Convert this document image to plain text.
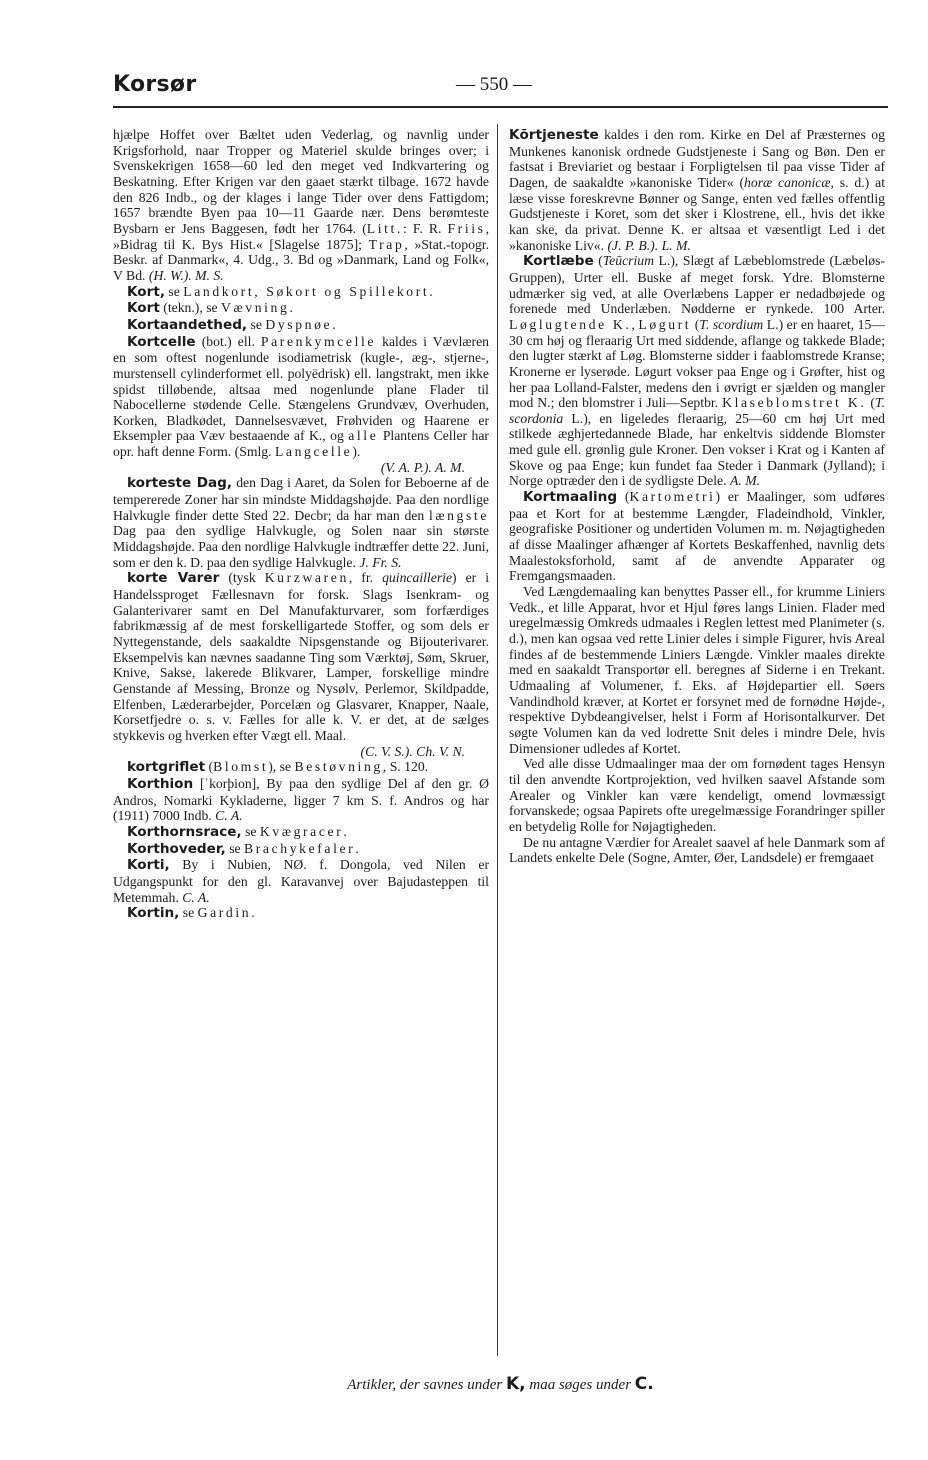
Korsør	— 550 —

hjælpe Hoffet over Bæltet uden Vederlag, og navnlig under Krigsforhold, naar Tropper og Materiel skulde bringes over; i Svenskekrigen 1658—60 led den meget ved Indkvartering og Beskatning. Efter Krigen var den gaaet stærkt tilbage. 1672 havde den 826 Indb., og der klages i lange Tider over dens Fattigdom; 1657 brændte Byen paa 10—11 Gaarde nær. Dens berømteste Bysbarn er Jens Baggesen, født her 1764. (Litt.: F. R. Friis, »Bidrag til K. Bys Hist.« [Slagelse 1875]; Trap, »Stat.-topogr. Beskr. af Danmark«, 4. Udg., 3. Bd og »Danmark, Land og Folk«, V Bd. (H. W.). M. S.

Kort, se Landkort, Søkort og Spillekort.

Kort (tekn.), se Vævning.

Kortaandethed, se Dyspnøe.

Kortcelle (bot.) ell. Parenkymcelle kaldes i Vævlæren en som oftest nogenlunde isodiametrisk (kugle-, æg-, stjerne-, murstensell cylinderformet ell. polyëdrisk) ell. langstrakt, men ikke spidst tilløbende, altsaa med nogenlunde plane Flader til Nabocellerne stødende Celle. Stængelens Grundvæv, Overhuden, Korken, Bladkødet, Dannelsesvævet, Frøhviden og Haarene er Eksempler paa Væv bestaaende af K., og alle Plantens Celler har opr. haft denne Form. (Smlg. Langcelle).
(V. A. P.). A. M.

korteste Dag, den Dag i Aaret, da Solen for Beboerne af de tempererede Zoner har sin mindste Middagshøjde. Paa den nordlige Halvkugle finder dette Sted 22. Decbr; da har man den længste Dag paa den sydlige Halvkugle, og Solen naar sin største Middagshøjde. Paa den nordlige Halvkugle indtræffer dette 22. Juni, som er den k. D. paa den sydlige Halvkugle. J. Fr. S.

korte Varer (tysk Kurzwaren, fr. quincaillerie) er i Handelssproget Fællesnavn for forsk. Slags Isenkram- og Galanterivarer samt en Del Manufakturvarer, som forfærdiges fabrikmæssig af de mest forskelligartede Stoffer, og som dels er Nyttegenstande, dels saakaldte Nipsgenstande og Bijouterivarer. Eksempelvis kan nævnes saadanne Ting som Værktøj, Søm, Skruer, Knive, Sakse, lakerede Blikvarer, Lamper, forskellige mindre Genstande af Messing, Bronze og Nysølv, Perlemor, Skildpadde, Elfenben, Læderarbejder, Porcelæn og Glasvarer, Knapper, Naale, Korsetfjedre o. s. v. Fælles for alle k. V. er det, at de sælges stykkevis og hverken efter Vægt ell. Maal.
(C. V. S.). Ch. V. N.

kortgriflet (Blomst), se Bestøvning, S. 120.

Korthion [ˈkorþion], By paa den sydlige Del af den gr. Ø Andros, Nomarki Kykladerne, ligger 7 km S. f. Andros og har (1911) 7000 Indb. C. A.

Korthornsrace, se Kvægracer.

Korthoveder, se Brachykefaler.

Korti, By i Nubien, NØ. f. Dongola, ved Nilen er Udgangspunkt for den gl. Karavanvej over Bajudasteppen til Metemmah. C. A.

Kortin, se Gardin.

Kōrtjeneste kaldes i den rom. Kirke en Del af Præsternes og Munkenes kanonisk ordnede Gudstjeneste i Sang og Bøn. Den er fastsat i Breviariet og bestaar i Forpligtelsen til paa visse Tider af Dagen, de saakaldte »kanoniske Tider« (horæ canonicæ, s. d.) at læse visse foreskrevne Bønner og Sange, enten ved fælles offentlig Gudstjeneste i Koret, som det sker i Klostrene, ell., hvis det ikke kan ske, da privat. Denne K. er altsaa et væsentligt Led i det »kanoniske Liv«. (J. P. B.). L. M.

Kortlæbe (Teūcrium L.), Slægt af Læbeblomstrede (Læbeløs-Gruppen), Urter ell. Buske af meget forsk. Ydre. Blomsterne udmærker sig ved, at alle Overlæbens Lapper er nedadbøjede og forenede med Underlæben. Nødderne er rynkede. 100 Arter. Løglugtende K., Løgurt (T. scordium L.) er en haaret, 15—30 cm høj og fleraarig Urt med siddende, aflange og takkede Blade; den lugter stærkt af Løg. Blomsterne sidder i faablomstrede Kranse; Kronerne er lyserøde. Løgurt vokser paa Enge og i Grøfter, hist og her paa Lolland-Falster, medens den i øvrigt er sjælden og mangler mod N.; den blomstrer i Juli—Septbr. Klaseblomstret K. (T. scordonia L.), en ligeledes fleraarig, 25—60 cm høj Urt med stilkede æghjertedannede Blade, har enkeltvis siddende Blomster med gule ell. grønlig gule Kroner. Den vokser i Krat og i Kanten af Skove og paa Enge; kun fundet faa Steder i Danmark (Jylland); i Norge optræder den i de sydligste Dele. A. M.

Kortmaaling (Kartometri) er Maalinger, som udføres paa et Kort for at bestemme Længder, Fladeindhold, Vinkler, geografiske Positioner og undertiden Volumen m. m. Nøjagtigheden af disse Maalinger afhænger af Kortets Beskaffenhed, navnlig dets Maalestoksforhold, samt af de anvendte Apparater og Fremgangsmaaden.

Ved Længdemaaling kan benyttes Passer ell., for krumme Liniers Vedk., et lille Apparat, hvor et Hjul føres langs Linien. Flader med uregelmæssig Omkreds udmaales i Reglen lettest med Planimeter (s. d.), men kan ogsaa ved rette Linier deles i simple Figurer, hvis Areal findes af de bestemmende Liniers Længde. Vinkler maales direkte med en saakaldt Transportør ell. beregnes af Siderne i en Trekant. Udmaaling af Volumener, f. Eks. af Højdepartier ell. Søers Vandindhold kræver, at Kortet er forsynet med de fornødne Højde-, respektive Dybdeangivelser, helst i Form af Horisontalkurver. Det søgte Volumen kan da ved lodrette Snit deles i mindre Dele, hvis Dimensioner udledes af Kortet.

Ved alle disse Udmaalinger maa der om fornødent tages Hensyn til den anvendte Kortprojektion, ved hvilken saavel Afstande som Arealer og Vinkler kan være kendeligt, omend lovmæssigt forvanskede; ogsaa Papirets ofte uregelmæssige Forandringer spiller en betydelig Rolle for Nøjagtigheden.

De nu antagne Værdier for Arealet saavel af hele Danmark som af Landets enkelte Dele (Sogne, Amter, Øer, Landsdele) er fremgaaet

Artikler, der savnes under K, maa søges under C.
